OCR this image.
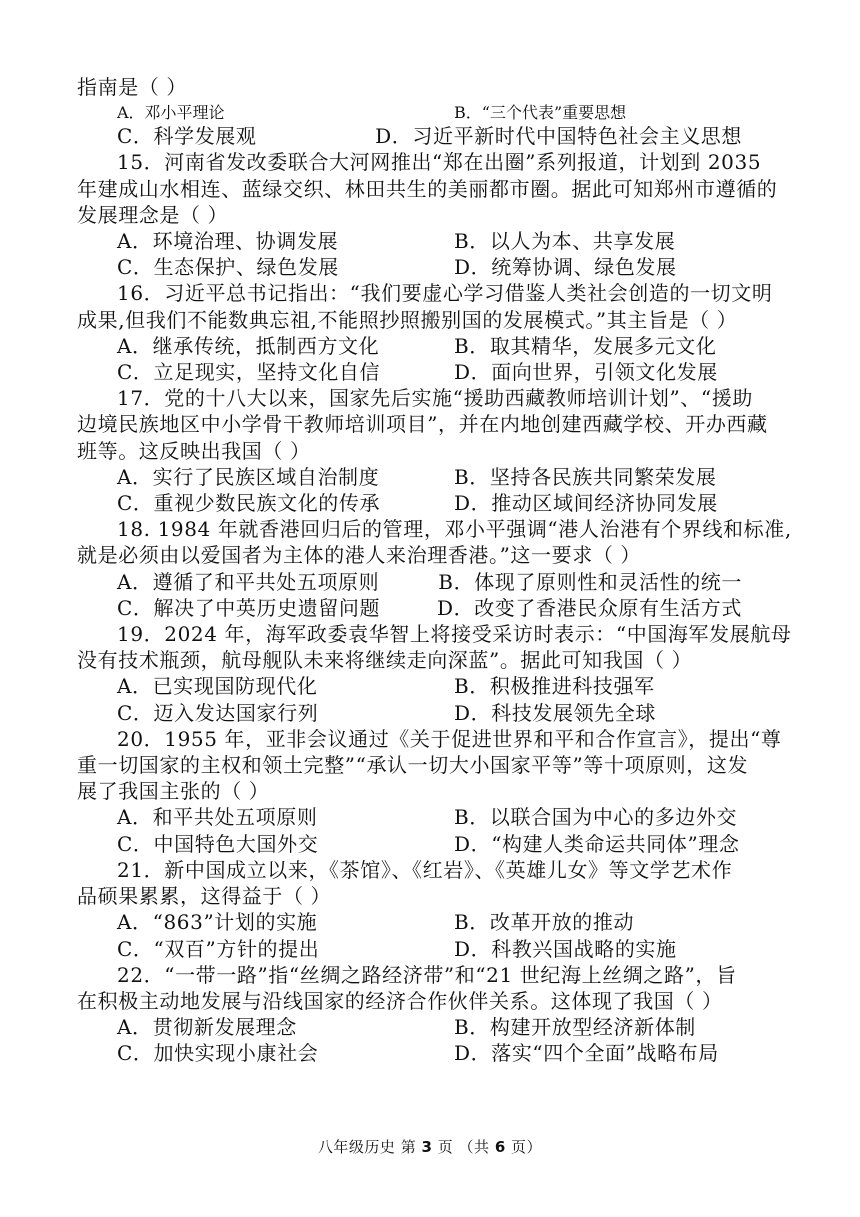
指南是（ ）
A．邓小平理论	B．“三个代表”重要思想
C．科学发展观	D．习近平新时代中国特色社会主义思想
15．河南省发改委联合大河网推出“郑在出圈”系列报道，计划到 2035
年建成山水相连、蓝绿交织、林田共生的美丽都市圈。据此可知郑州市遵循的
发展理念是（ ）
A．环境治理、协调发展	B．以人为本、共享发展
C．生态保护、绿色发展	D．统筹协调、绿色发展
16．习近平总书记指出：“我们要虚心学习借鉴人类社会创造的一切文明
成果,但我们不能数典忘祖,不能照抄照搬别国的发展模式。”其主旨是（ ）
A．继承传统，抵制西方文化	B．取其精华，发展多元文化
C．立足现实，坚持文化自信	D．面向世界，引领文化发展
17．党的十八大以来，国家先后实施“援助西藏教师培训计划”、“援助
边境民族地区中小学骨干教师培训项目”，并在内地创建西藏学校、开办西藏
班等。这反映出我国（ ）
A．实行了民族区域自治制度	B．坚持各民族共同繁荣发展
C．重视少数民族文化的传承	D．推动区域间经济协同发展
18. 1984 年就香港回归后的管理，邓小平强调“港人治港有个界线和标准,
就是必须由以爱国者为主体的港人来治理香港。”这一要求（ ）
A．遵循了和平共处五项原则	B．体现了原则性和灵活性的统一
C．解决了中英历史遗留问题	D．改变了香港民众原有生活方式
19．2024 年，海军政委袁华智上将接受采访时表示：“中国海军发展航母
没有技术瓶颈，航母舰队未来将继续走向深蓝”。据此可知我国（ ）
A．已实现国防现代化	B．积极推进科技强军
C．迈入发达国家行列	D．科技发展领先全球
20．1955 年，亚非会议通过《关于促进世界和平和合作宣言》，提出“尊
重一切国家的主权和领土完整”“承认一切大小国家平等”等十项原则，这发
展了我国主张的（ ）
A．和平共处五项原则	B．以联合国为中心的多边外交
C．中国特色大国外交	D．“构建人类命运共同体”理念
21．新中国成立以来，《茶馆》、《红岩》、《英雄儿女》等文学艺术作
品硕果累累，这得益于（ ）
A．“863”计划的实施	B．改革开放的推动
C．“双百”方针的提出	D．科教兴国战略的实施
22．“一带一路”指“丝绸之路经济带”和“21 世纪海上丝绸之路”，旨
在积极主动地发展与沿线国家的经济合作伙伴关系。这体现了我国（ ）
A．贯彻新发展理念	B．构建开放型经济新体制
C．加快实现小康社会	D．落实“四个全面”战略布局
八年级历史 第 3 页 （共 6 页）
